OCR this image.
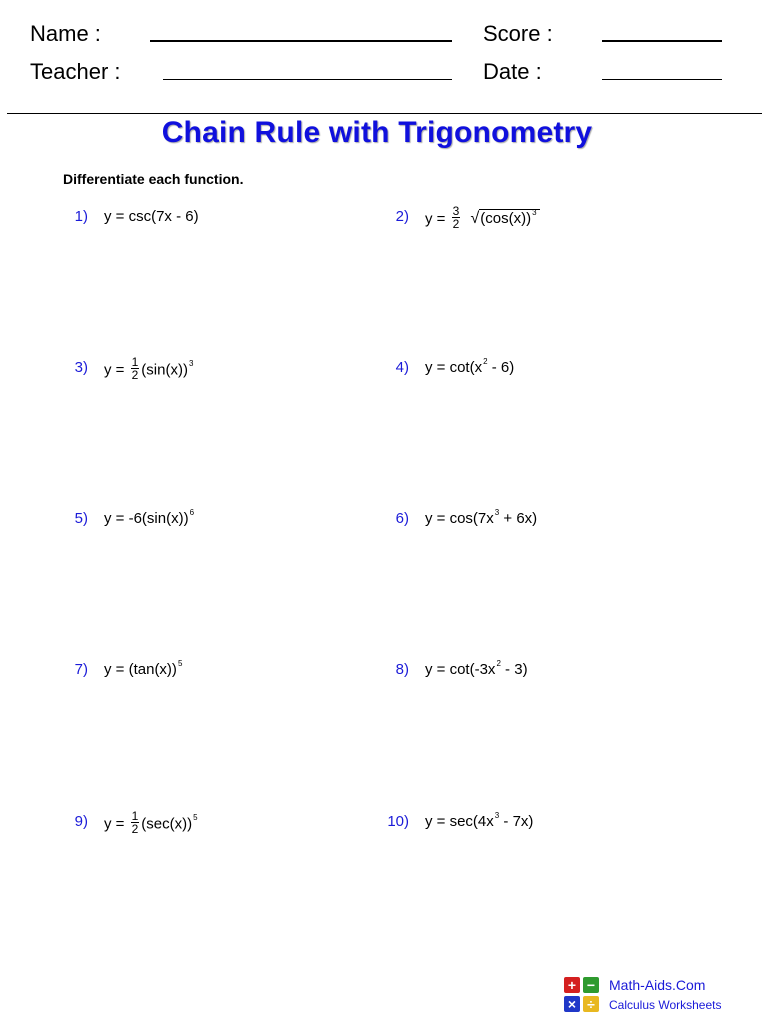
Name :	Score :
Teacher :	Date :
Chain Rule with Trigonometry
Differentiate each function.
1) y = csc(7x - 6)	2) $y = \frac{3}{2} √(\cos(x))^3$
3) $y = \frac{1}{2} (\sin(x))^3$	4) $y = \cot(x^2 - 6)$
5) $y = -6(\sin(x))^6$	6) $y = \cos(7x^3 + 6x)$
7) $y = (\tan(x))^5$	8) $y = \cot(-3x^2 - 3)$
9) $y = \frac{1}{2} (\sec(x))^5$	10) $y = \sec(4x^3 - 7x)$
+ −
× ÷
Math-Aids.Com
Calculus Worksheets
